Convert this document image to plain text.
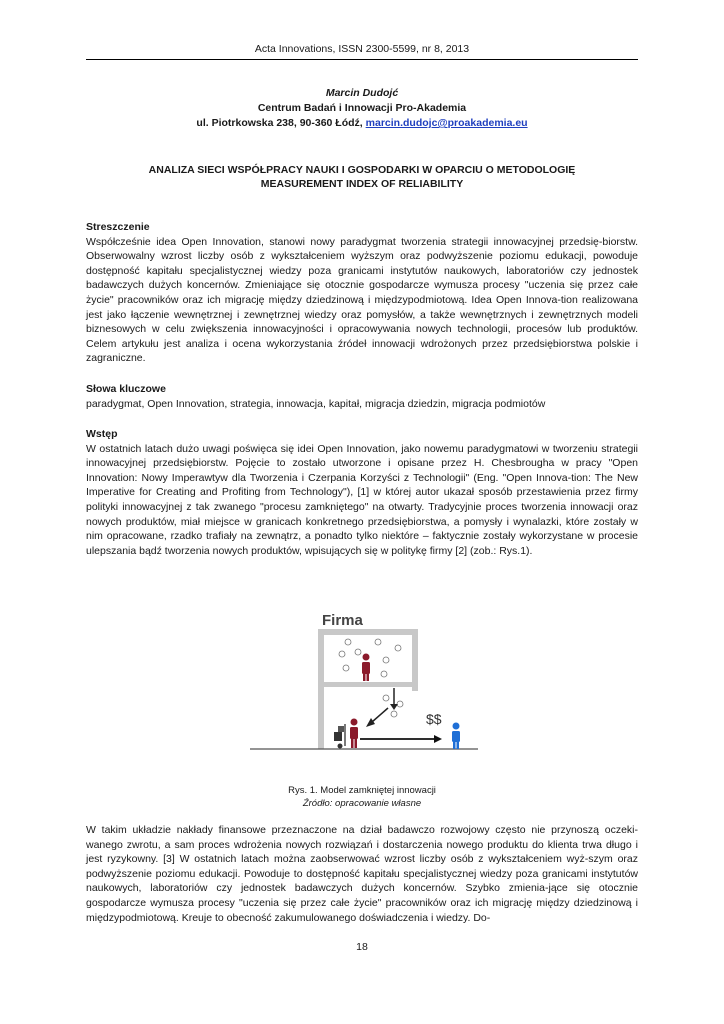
Acta Innovations, ISSN 2300-5599, nr 8, 2013
Marcin Dudojć
Centrum Badań i Innowacji Pro-Akademia
ul. Piotrkowska 238, 90-360 Łódź, marcin.dudojc@proakademia.eu
ANALIZA SIECI WSPÓŁPRACY NAUKI I GOSPODARKI W OPARCIU O METODOLOGIĘ
MEASUREMENT INDEX OF RELIABILITY
Streszczenie

Współcześnie idea Open Innovation, stanowi nowy paradygmat tworzenia strategii innowacyjnej przedsię-biorstw. Obserwowalny wzrost liczby osób z wykształceniem wyższym oraz podwyższenie poziomu edukacji, powoduje dostępność kapitału specjalistycznej wiedzy poza granicami instytutów naukowych, laboratoriów czy jednostek badawczych dużych koncernów. Zmieniające się otocznie gospodarcze wymusza procesy "uczenia się przez całe życie" pracowników oraz ich migrację między dziedzinową i międzypodmiotową. Idea Open Innova-tion realizowana jest jako łączenie wewnętrznej i zewnętrznej wiedzy oraz pomysłów, a także wewnętrznych i zewnętrznych modeli biznesowych w celu zwiększenia innowacyjności i opracowywania nowych technologii, procesów lub produktów. Celem artykułu jest analiza i ocena wykorzystania źródeł innowacji wdrożonych przez przedsiębiorstwa polskie i zagraniczne.

Słowa kluczowe

paradygmat, Open Innovation, strategia, innowacja, kapitał, migracja dziedzin, migracja podmiotów

Wstęp

W ostatnich latach dużo uwagi poświęca się idei Open Innovation, jako nowemu paradygmatowi w tworzeniu strategii innowacyjnej przedsiębiorstw. Pojęcie to zostało utworzone i opisane przez H. Chesbrougha w pracy "Open Innovation: Nowy Imperawtyw dla Tworzenia i Czerpania Korzyści z Technologii" (Eng. "Open Innova-tion: The New Imperative for Creating and Profiting from Technology"), [1] w której autor ukazał sposób przestawienia przez firmy polityki innowacyjnej z tak zwanego "procesu zamkniętego" na otwarty. Tradycyjnie proces tworzenia innowacji oraz nowych produktów, miał miejsce w granicach konkretnego przedsiębiorstwa, a pomysły i wynalazki, które zostały w nim opracowane, rzadko trafiały na zewnątrz, a ponadto tylko niektóre – faktycznie zostały wykorzystane w procesie ulepszania bądź tworzenia nowych produktów, wpisujących się w politykę firmy [2] (zob.: Rys.1).

Firma
$$
Rys. 1. Model zamkniętej innowacji
Źródło: opracowanie własne

W takim układzie nakłady finansowe przeznaczone na dział badawczo rozwojowy często nie przynoszą oczeki-wanego zwrotu, a sam proces wdrożenia nowych rozwiązań i dostarczenia nowego produktu do klienta trwa długo i jest ryzykowny. [3] W ostatnich latach można zaobserwować wzrost liczby osób z wykształceniem wyż-szym oraz podwyższenie poziomu edukacji. Powoduje to dostępność kapitału specjalistycznej wiedzy poza granicami instytutów naukowych, laboratoriów czy jednostek badawczych dużych koncernów. Szybko zmienia-jące się otocznie gospodarcze wymusza procesy "uczenia się przez całe życie" pracowników oraz ich migrację między dziedzinową i międzypodmiotową. Kreuje to obecność zakumulowanego doświadczenia i wiedzy. Do-

18
